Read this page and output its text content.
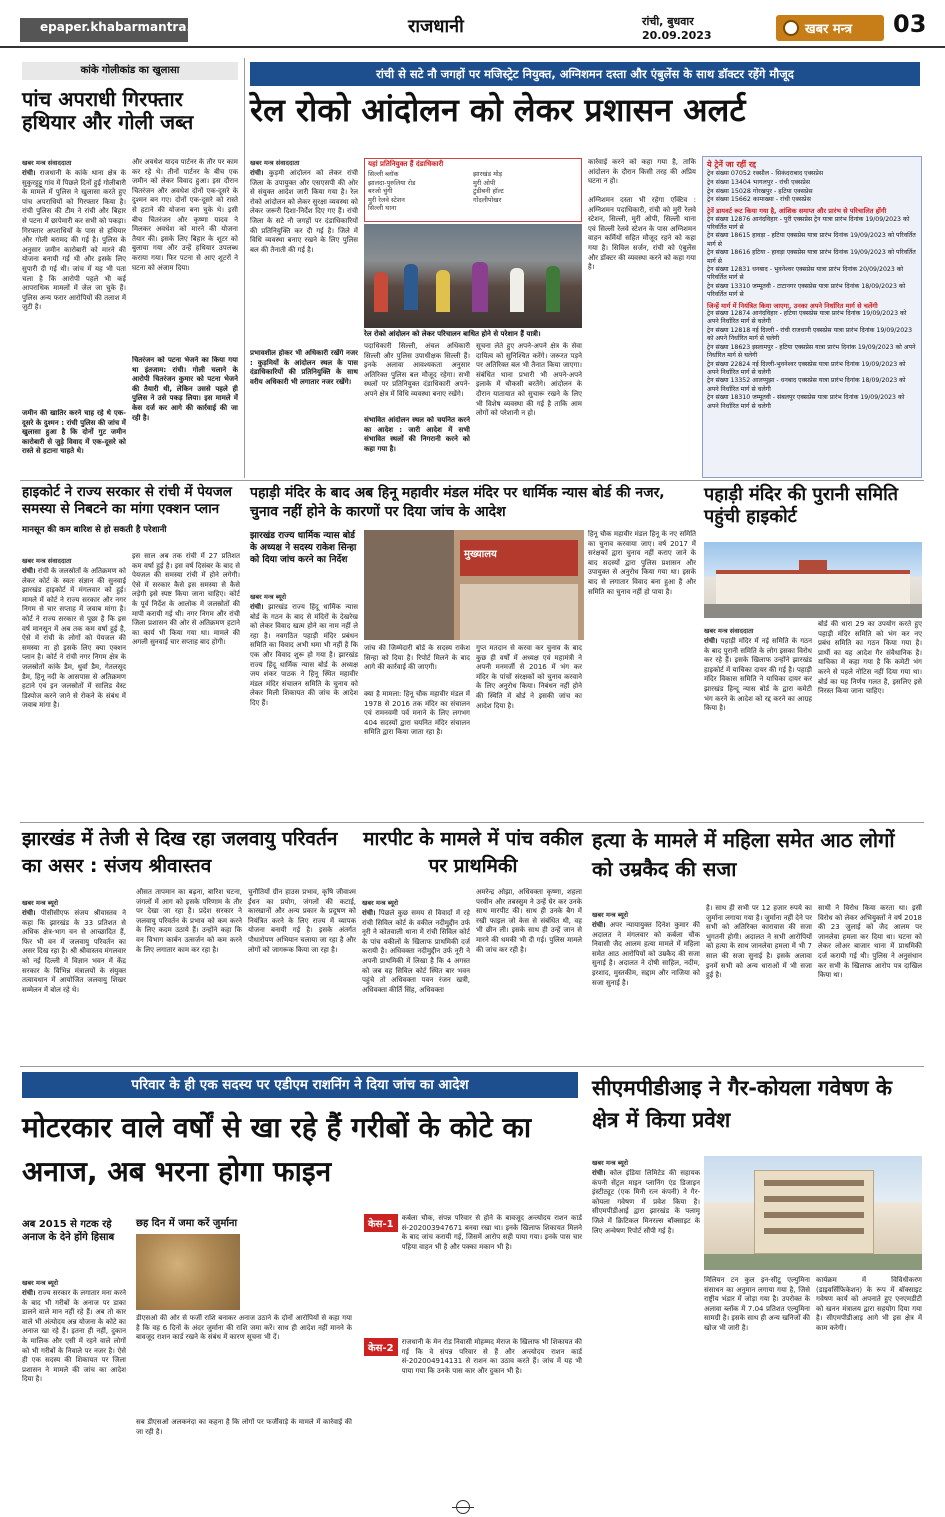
epaper.khabarmantra.net	राजधानी	रांची, बुधवार
20.09.2023	खबर मन्त्र 03
कांके गोलीकांड का खुलासा
पांच अपराधी गिरफ्तार हथियार और गोली जब्त
खबर मन्त्र संवाददाता
रांची। राजधानी के कांके थाना क्षेत्र के सुकुरहुट्टू गांव में पिछले दिनों हुई गोलीबारी के मामले में पुलिस ने खुलासा करते हुए पांच अपराधियों को गिरफ्तार किया है। रांची पुलिस की टीम ने रांची और बिहार से पटना में छापेमारी कर सभी को पकड़ा। गिरफ्तार अपराधियों के पास से हथियार और गोली बरामद की गई है। पुलिस के अनुसार जमीन कारोबारी को मारने की योजना बनायी गई थी और इसके लिए सुपारी दी गई थी। जांच में यह भी पता चला है कि आरोपी पहले भी कई आपराधिक मामलों में जेल जा चुके हैं। पुलिस अन्य फरार आरोपियों की तलाश में जुटी है।
जमीन की खातिर करने चाह रहे थे एक-दूसरे के दुश्मन : रांची पुलिस की जांच में खुलासा हुआ है कि दोनों गुट जमीन कारोबारी से जुड़े विवाद में एक-दूसरे को रास्ते से हटाना चाहते थे।
और अवधेश यादव पार्टनर के तौर पर काम कर रहे थे। तीनों पार्टनर के बीच एक जमीन को लेकर विवाद हुआ। इस दौरान चितरंजन और अवधेश दोनों एक-दूसरे के दुश्मन बन गए। दोनों एक-दूसरे को रास्ते से हटाने की योजना बना चुके थे। इसी बीच चितरंजन और कृष्णा यादव ने मिलकर अवधेश को मारने की योजना तैयार की। इसके लिए बिहार के शूटर को बुलाया गया और उन्हें हथियार उपलब्ध कराया गया। फिर पटना से आए शूटरों ने घटना को अंजाम दिया।
चितरंजन को पटना भेजने का किया गया था इंतजाम: रांची। गोली चलाने के आरोपी चितरंजन कुमार को पटना भेजने की तैयारी थी, लेकिन उससे पहले ही पुलिस ने उसे पकड़ लिया। इस मामले में केस दर्ज कर आगे की कार्रवाई की जा रही है।
रांची से सटे नौ जगहों पर मजिस्ट्रेट नियुक्त, अग्निशमन दस्ता और एंबुलेंस के साथ डॉक्टर रहेंगे मौजूद
रेल रोको आंदोलन को लेकर प्रशासन अलर्ट
खबर मन्त्र संवाददाता
रांची। कुड़मी आंदोलन को लेकर रांची जिला के उपायुक्त और एसएसपी की ओर से संयुक्त आदेश जारी किया गया है। रेल रोको आंदोलन को लेकर सुरक्षा व्यवस्था को लेकर जरूरी दिशा-निर्देश दिए गए हैं। रांची जिला के सटे नौ जगहों पर दंडाधिकारियों की प्रतिनियुक्ति कर दी गई है। जिले में विधि व्यवस्था बनाए रखने के लिए पुलिस बल की तैनाती की गई है।
प्रभावशील होकर भी अधिकारी रखेंगे नजर : कुड़मियों के आंदोलन स्थल के पास दंडाधिकारियों की प्रतिनियुक्ति के साथ वरीय अधिकारी भी लगातार नजर रखेंगे।
यहां प्रतिनियुक्त हैं दंडाधिकारी
सिल्ली ब्लॉक	झारखंड मोड़
झालदा-पुरुलिया रोड	मुरी ओपी
बरजो चुंगी	टुंडीबनी हॉल्ट
मुरी रेलवे स्टेशन	गोंदलीपोखर
सिल्ली थाना
रेल रोको आंदोलन को लेकर परिचालन बाधित होने से परेशान हैं यात्री।
पदाधिकारी सिल्ली, अंचल अधिकारी सिल्ली और पुलिस उपाधीक्षक सिल्ली हैं। इनके अलावा आवश्यकता अनुसार अतिरिक्त पुलिस बल मौजूद रहेगा। सभी स्थलों पर प्रतिनियुक्त दंडाधिकारी अपने-अपने क्षेत्र में विधि व्यवस्था बनाए रखेंगे।
संभावित आंदोलन स्थल को चयनित करने का आदेश : जारी आदेश में सभी संभावित स्थलों की निगरानी करने को कहा गया है।
सूचना लेते हुए अपने-अपने क्षेत्र के सेवा दायित्व को सुनिश्चित करेंगे। जरूरत पड़ने पर अतिरिक्त बल भी तैनात किया जाएगा। संबंधित थाना प्रभारी भी अपने-अपने इलाके में चौकसी बरतेंगे। आंदोलन के दौरान यातायात को सुचारू रखने के लिए भी विशेष व्यवस्था की गई है ताकि आम लोगों को परेशानी न हो।
कार्रवाई करने को कहा गया है, ताकि आंदोलन के दौरान किसी तरह की अप्रिय घटना न हो।
अग्निशमन दस्ता भी रहेगा एक्टिव : अग्निशमन पदाधिकारी, रांची को मुरी रेलवे स्टेशन, सिल्ली, मुरी ओपी, सिल्ली थाना एवं सिल्ली रेलवे स्टेशन के पास अग्निशमन वाहन कर्मियों सहित मौजूद रहने को कहा गया है। सिविल सर्जन, रांची को एंबुलेंस और डॉक्टर की व्यवस्था करने को कहा गया है।
ये ट्रेनें जा रहीं रद्द
ट्रेन संख्या 07052 रक्सौल - सिकंदराबाद एक्सप्रेस
ट्रेन संख्या 13404 भागलपुर - रांची एक्सप्रेस
ट्रेन संख्या 15028 गोरखपुर - हटिया एक्सप्रेस
ट्रेन संख्या 15662 कामाख्या - रांची एक्सप्रेस
ट्रेनें डायवर्ट रूट किया गया है, आंशिक समाप्त और प्रारंभ से परिचालित होंगी
ट्रेन संख्या 12876 आनंदविहार - पुरी एक्सप्रेस ट्रेन यात्रा प्रारंभ दिनांक 19/09/2023 को परिवर्तित मार्ग से
ट्रेन संख्या 18615 हावड़ा - हटिया एक्सप्रेस यात्रा प्रारंभ दिनांक 19/09/2023 को परिवर्तित मार्ग से
ट्रेन संख्या 18616 हटिया - हावड़ा एक्सप्रेस यात्रा प्रारंभ दिनांक 19/09/2023 को परिवर्तित मार्ग से
ट्रेन संख्या 12831 धनबाद - भुवनेश्वर एक्सप्रेस यात्रा प्रारंभ दिनांक 20/09/2023 को परिवर्तित मार्ग से
ट्रेन संख्या 13310 जम्मूतवी - टाटानगर एक्सप्रेस यात्रा प्रारंभ दिनांक 18/09/2023 को परिवर्तित मार्ग से
जिन्हें मार्ग में नियंत्रित किया जाएगा, उनका अपने निर्धारित मार्ग से चलेंगी
ट्रेन संख्या 12874 आनंदविहार - हटिया एक्सप्रेस यात्रा प्रारंभ दिनांक 19/09/2023 को अपने निर्धारित मार्ग से चलेगी
ट्रेन संख्या 12818 नई दिल्ली - रांची राजधानी एक्सप्रेस यात्रा प्रारंभ दिनांक 19/09/2023 को अपने निर्धारित मार्ग से चलेगी
ट्रेन संख्या 18623 इस्लामपुर - हटिया एक्सप्रेस यात्रा प्रारंभ दिनांक 19/09/2023 को अपने निर्धारित मार्ग से चलेगी
ट्रेन संख्या 22824 नई दिल्ली-भुवनेश्वर एक्सप्रेस यात्रा प्रारंभ दिनांक 19/09/2023 को अपने निर्धारित मार्ग से चलेगी
ट्रेन संख्या 13352 आलप्पुझा - धनबाद एक्सप्रेस यात्रा प्रारंभ दिनांक 18/09/2023 को अपने निर्धारित मार्ग से चलेगी
ट्रेन संख्या 18310 जम्मूतवी - संबलपुर एक्सप्रेस यात्रा प्रारंभ दिनांक 19/09/2023 को अपने निर्धारित मार्ग से चलेगी
हाइकोर्ट ने राज्य सरकार से रांची में पेयजल समस्या से निबटने का मांगा एक्शन प्लान
मानसून की कम बारिश से हो सकती है परेशानी
खबर मन्त्र संवाददाता
रांची। रांची के जलस्रोतों के अतिक्रमण को लेकर कोर्ट के स्वतः संज्ञान की सुनवाई झारखंड हाइकोर्ट में मंगलवार को हुई। मामले में कोर्ट ने राज्य सरकार और नगर निगम से चार सप्ताह में जवाब मांगा है। कोर्ट ने राज्य सरकार से पूछा है कि इस वर्ष मानसून में अब तक कम वर्षा हुई है, ऐसे में रांची के लोगों को पेयजल की समस्या ना हो इसके लिए क्या एक्शन प्लान है। कोर्ट ने रांची नगर निगम क्षेत्र के जलस्रोतों कांके डैम, धुर्वा डैम, गेतलसूद डैम, हिनू नदी के आसपास से अतिक्रमण हटाने एवं इन जलस्रोतों में सालिड वेस्ट डिस्पोज करने जाने से रोकने के संबंध में जवाब मांगा है।
इस साल अब तक रांची में 27 प्रतिशत कम वर्षा हुई है। इस वर्ष दिसंबर के बाद से पेयजल की समस्या रांची में होने लगेगी। ऐसे में सरकार कैसे इस समस्या से कैसे लड़ेगी इसे स्पष्ट किया जाना चाहिए। कोर्ट के पूर्व निर्देश के आलोक में जलस्रोतों की मापी करायी गई थी। नगर निगम और रांची जिला प्रशासन की ओर से अतिक्रमण हटाने का कार्य भी किया गया था। मामले की अगली सुनवाई चार सप्ताह बाद होगी।
पहाड़ी मंदिर के बाद अब हिनू महावीर मंडल मंदिर पर धार्मिक न्यास बोर्ड की नजर, चुनाव नहीं होने के कारणों पर दिया जांच के आदेश
झारखंड राज्य धार्मिक न्यास बोर्ड के अध्यक्ष ने सदस्य राकेश सिन्हा को दिया जांच करने का निर्देश
खबर मन्त्र ब्यूरो
रांची। झारखंड राज्य हिंदू धार्मिक न्यास बोर्ड के गठन के बाद से मंदिरों के देखरेख को लेकर विवाद खत्म होने का नाम नहीं ले रहा है। नवगठित पहाड़ी मंदिर प्रबंधन समिति का विवाद अभी थमा भी नहीं है कि एक और विवाद शुरू हो गया है। झारखंड राज्य हिंदू धार्मिक न्यास बोर्ड के अध्यक्ष जय शंकर पाठक ने हिनू स्थित महावीर मंडल मंदिर संचालन समिति के चुनाव को लेकर मिली शिकायत की जांच के आदेश दिए हैं।
मुख्यालय
जांच की जिम्मेदारी बोर्ड के सदस्य राकेश सिन्हा को दिया है। रिपोर्ट मिलने के बाद आगे की कार्रवाई की जाएगी।
क्या है मामला: हिनू चौक महावीर मंडल में 1978 से 2016 तक मंदिर का संचालन एवं रामनवमी पर्व मनाने के लिए लगभग 404 सदस्यों द्वारा चयनित मंदिर संचालन समिति द्वारा किया जाता रहा है।
गुप्त मतदान से करवा कर चुनाव के बाद कुछ ही वर्षों में अध्यक्ष एवं महामंत्री ने अपनी मनमर्जी से 2016 में भंग कर मंदिर के पांचों संरक्षकों को चुनाव करवाने के लिए अनुरोध किया। निबंधन नहीं होने की स्थिति में बोर्ड ने इसकी जांच का आदेश दिया है।
हिनू चौक महावीर मंडल हिनू के नए समिति का चुनाव करवाया जाए। वर्ष 2017 में सरंक्षकों द्वारा चुनाव नहीं कराए जाने के बाद सदस्यों द्वारा पुलिस प्रशासन और उपायुक्त से अनुरोध किया गया था। इसके बाद से लगातार विवाद बना हुआ है और समिति का चुनाव नहीं हो पाया है।
पहाड़ी मंदिर की पुरानी समिति पहुंची हाइकोर्ट
खबर मन्त्र संवाददाता
रांची। पहाड़ी मंदिर में नई समिति के गठन के बाद पुरानी समिति के लोग इसका विरोध कर रहे हैं। इसके खिलाफ उन्होंने झारखंड हाइकोर्ट में याचिका दायर की गई है। पहाड़ी मंदिर विकास समिति ने याचिका दायर कर झारखंड हिन्दू न्यास बोर्ड के द्वारा कमेटी भंग करने के आदेश को रद्द करने का आग्रह किया है।
बोर्ड की धारा 29 का उपयोग करते हुए पहाड़ी मंदिर समिति को भंग कर नए प्रबंध समिति का गठन किया गया है। प्रार्थी का यह आदेश गैर संवैधानिक है। याचिका में कहा गया है कि कमेटी भंग करने से पहले नोटिस नहीं दिया गया था। बोर्ड का यह निर्णय गलत है, इसलिए इसे निरस्त किया जाना चाहिए।
झारखंड में तेजी से दिख रहा जलवायु परिवर्तन का असर : संजय श्रीवास्तव
खबर मन्त्र ब्यूरो
रांची। पीसीसीएफ संजय श्रीवास्तव ने कहा कि झारखंड के 33 प्रतिशत से अधिक क्षेत्र-भाग वन से आच्छादित हैं, फिर भी वन में जलवायु परिवर्तन का असर दिख रहा है। श्री श्रीवास्तव मंगलवार को नई दिल्ली में विज्ञान भवन में केंद्र सरकार के विभिन्न मंत्रालयों के संयुक्त तत्वावधान में आयोजित जलवायु शिखर सम्मेलन में बोल रहे थे।
औसत तापमान का बढ़ना, बारिश घटना, जंगलों में आग को इसके परिणाम के तौर पर देखा जा रहा है। प्रदेश सरकार ने जलवायु परिवर्तन के प्रभाव को कम करने के लिए कदम उठाये हैं। उन्होंने कहा कि वन विभाग कार्बन उत्सर्जन को कम करने के लिए लगातार काम कर रहा है।
चुनौतियों ग्रीन हाउस प्रभाव, कृषि जीवाश्म ईंधन का प्रयोग, जंगलों की कटाई, कारखानों और अन्य प्रकार के प्रदूषण को नियंत्रित करने के लिए राज्य में व्यापक योजना बनायी गई है। इसके अंतर्गत पौधारोपण अभियान चलाया जा रहा है और लोगों को जागरूक किया जा रहा है।
मारपीट के मामले में पांच वकील पर प्राथमिकी
खबर मन्त्र ब्यूरो
रांची। पिछले कुछ समय से विवादों में रहे रांची सिविल कोर्ट के वकील नदीमुद्दीन उर्फ नूरी ने कोतवाली थाना में रांची सिविल कोर्ट के पांच वकीलों के खिलाफ प्राथमिकी दर्ज करायी है। अधिवक्ता नदीमुद्दीन उर्फ नूरी ने अपनी प्राथमिकी में लिखा है कि 4 अगस्त को जब वह सिविल कोर्ट स्थित बार भवन पहुंचे तो अधिवक्ता पवन रंजन खत्री, अधिवक्ता कीर्ति सिंह, अधिवक्ता
अमरेन्द्र ओझा, अधिवक्ता कृष्णा, शहला परवीन और तबस्सुम ने उन्हें घेर कर उनके साथ मारपीट की। साथ ही उनके बैग में रखी फाइल जो केस से संबंधित थी, वह भी छीन ली। इसके साथ ही उन्हें जान से मारने की धमकी भी दी गई। पुलिस मामले की जांच कर रही है।
हत्या के मामले में महिला समेत आठ लोगों को उम्रकैद की सजा
खबर मन्त्र ब्यूरो
रांची। अपर न्यायायुक्त दिनेश कुमार की अदालत ने मंगलवार को कर्बला चौक निवासी जैद आलम हत्या मामले में महिला समेत आठ आरोपियों को उम्रकैद की सजा सुनाई है। अदालत ने दोषी साहिल, नदीम, इरशाद, मुस्तकीम, सद्दाम और नाजिया को सजा सुनाई है।
है। साथ ही सभी पर 12 हजार रुपये का जुर्माना लगाया गया है। जुर्माना नहीं देने पर सभी को अतिरिक्त कारावास की सजा भुगतनी होगी। अदालत ने सभी आरोपियों को हत्या के साथ जानलेवा हमला में भी 7 साल की सजा सुनाई है। इसके अलावा इनमें सभी को अन्य धाराओं में भी सजा हुई है।
साथी ने विरोध किया करता था। इसी विरोध को लेकर अभियुक्तों ने वर्ष 2018 की 23 जुलाई को जैद आलम पर जानलेवा हमला कर दिया था। घटना को लेकर लोअर बाजार थाना में प्राथमिकी दर्ज करायी गई थी। पुलिस ने अनुसंधान कर सभी के खिलाफ आरोप पत्र दाखिल किया था।
परिवार के ही एक सदस्य पर एडीएम राशनिंग ने दिया जांच का आदेश
मोटरकार वाले वर्षों से खा रहे हैं गरीबों के कोटे का अनाज, अब भरना होगा फाइन
अब 2015 से गटक रहे अनाज के देने होंगे हिसाब
खबर मन्त्र ब्यूरो
रांची। राज्य सरकार के लगातार मना करने के बाद भी गरीबों के अनाज पर डाका डालने वाले मान नहीं रहे हैं। अब तो कार वाले भी अंत्योदय अन्न योजना के कोटे का अनाज खा रहे हैं। इतना ही नहीं, दुकान के मालिक और एसी में रहने वाले लोगों को भी गरीबों के निवाले पर नजर है। ऐसे ही एक सदस्य की शिकायत पर जिला प्रशासन ने मामले की जांच का आदेश दिया है।
छह दिन में जमा करें जुर्माना
डीएसओ की ओर से फर्जी राशि बनाकर अनाज उठाने के दोनों आरोपियों से कहा गया है कि वह 6 दिनों के अंदर जुर्माना की राशि जमा करें। साथ ही आदेश नहीं मानने के बावजूद राशन कार्ड रखने के संबंध में कारण सूचना भी दें।
सब डीएसओ अलकनंदा का कहना है कि लोगों पर फर्जीवाड़े के मामले में कार्रवाई की जा रही है।
केस-1
कर्बला चौक, संपन्न परिवार से होने के बावजूद अन्त्योदय राशन कार्ड सं-202003947671 बनवा रखा था। इनके खिलाफ शिकायत मिलने के बाद जांच करायी गई, जिसमें आरोप सही पाया गया। इनके पास चार पहिया वाहन भी है और पक्का मकान भी है।
केस-2
राजधानी के मेन रोड निवासी मोहम्मद मेराज के खिलाफ भी शिकायत की गई कि वे संपन्न परिवार से हैं और अन्त्योदय राशन कार्ड सं-202004914131 से राशन का उठाव करते हैं। जांच में यह भी पाया गया कि उनके पास कार और दुकान भी है।
सीएमपीडीआइ ने गैर-कोयला गवेषण के क्षेत्र में किया प्रवेश
खबर मन्त्र ब्यूरो
रांची। कोल इंडिया लिमिटेड की सहायक कंपनी सेंट्रल माइन प्लानिंग एंड डिजाइन इंस्टीट्यूट (एक मिनी रत्न कंपनी) ने गैर-कोयला गवेषण में प्रवेश किया है। सीएमपीडीआई द्वारा झारखंड के पलामू जिले में क्रिटिकल मिनरल्स बॉक्साइट के लिए अन्वेषण रिपोर्ट सौंपी गई है।
मिलियन टन कुल इन-सीटू एल्युमिना संसाधन का अनुमान लगाया गया है, जिसे राष्ट्रीय भंडार में जोड़ा गया है। उपरोक्त के अलावा ब्लॉक में 7.04 प्रतिशत एल्युमिना सामग्री है। इसके साथ ही अन्य खनिजों की खोज भी जारी है।
कार्यक्रम में विविधीकरण (डाइवर्सिफिकेशन) के रूप में बॉक्साइट गवेषण कार्य को अपनाते हुए एनएमडीटी को खनन मंत्रालय द्वारा सहयोग दिया गया है। सीएमपीडीआइ आगे भी इस क्षेत्र में काम करेगी।
